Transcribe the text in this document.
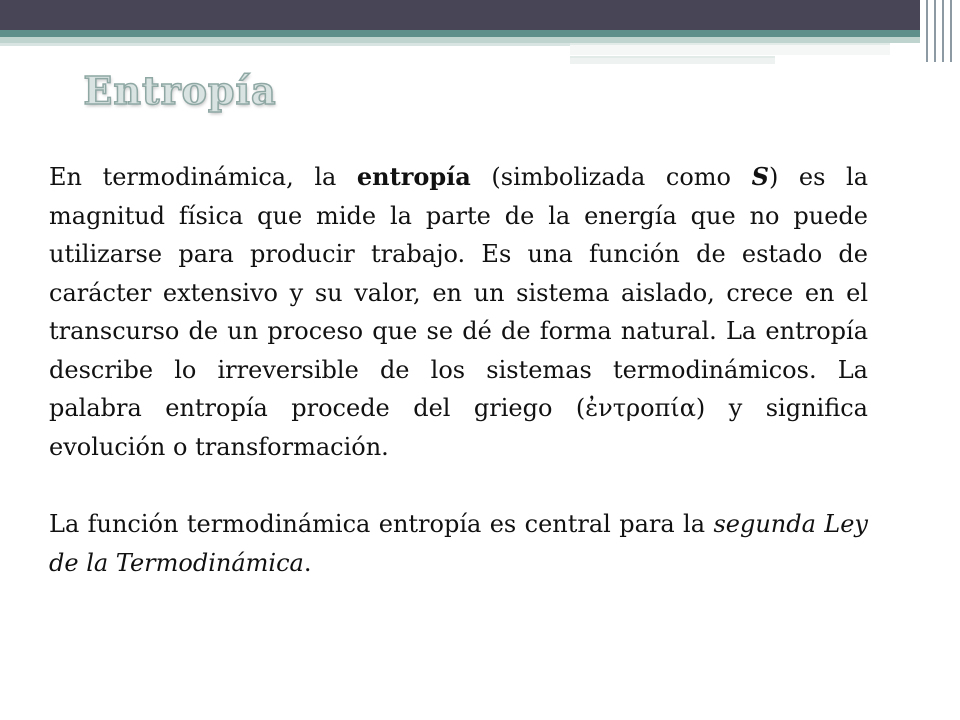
Entropía

En termodinámica, la entropía (simbolizada como S) es la magnitud física que mide la parte de la energía que no puede utilizarse para producir trabajo. Es una función de estado de carácter extensivo y su valor, en un sistema aislado, crece en el transcurso de un proceso que se dé de forma natural. La entropía describe lo irreversible de los sistemas termodinámicos. La palabra entropía procede del griego (ἐντροπία) y significa evolución o transformación.

La función termodinámica entropía es central para la segunda Ley de la Termodinámica.
